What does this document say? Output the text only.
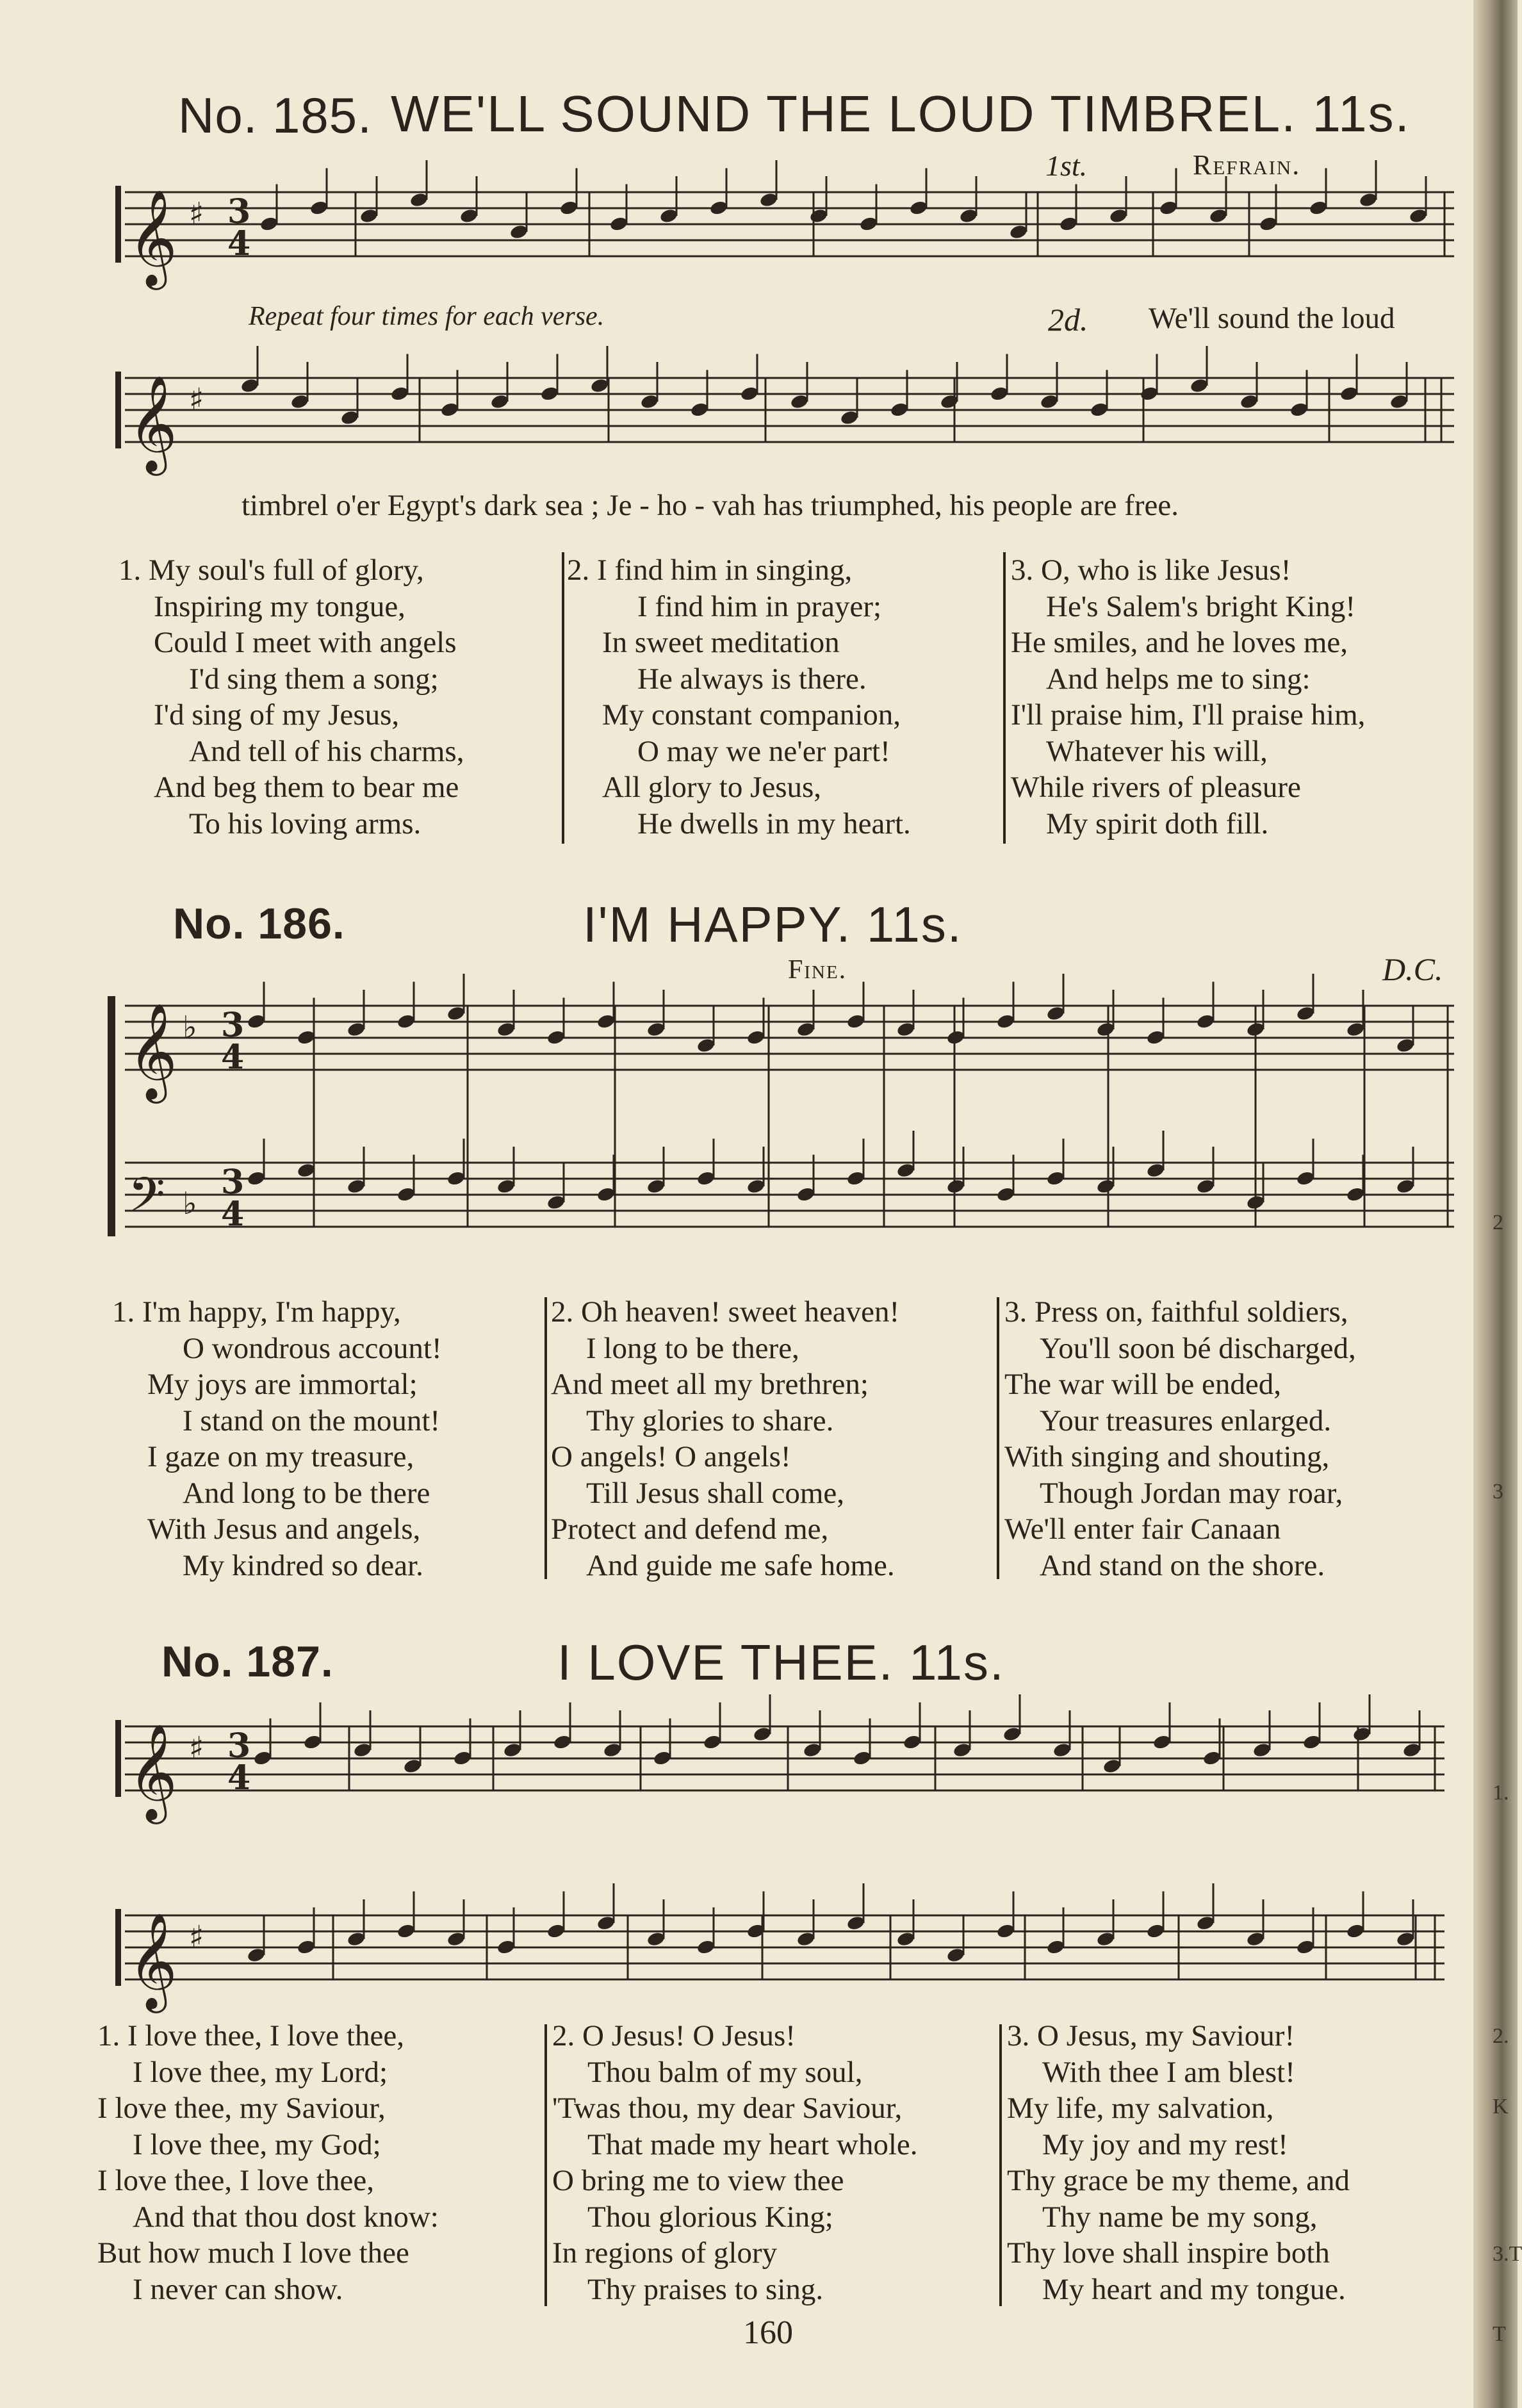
2
3
1.
2.
K
3.T
T
𝄞
𝄞
𝄞
𝄢
𝄞
𝄞
♯
♯
♭
♭
♯
♯
3
4
3
4
3
4
3
4
No. 185. WE'LL SOUND THE LOUD TIMBREL. 11s.
1st.	Refrain.
Repeat four times for each verse.	2d. We'll sound the loud
timbrel o'er Egypt's dark sea ; Je - ho - vah has triumphed, his people are free.
1. My soul's full of glory,
Inspiring my tongue,
Could I meet with angels
I'd sing them a song;
I'd sing of my Jesus,
And tell of his charms,
And beg them to bear me
To his loving arms.
2. I find him in singing,
I find him in prayer;
In sweet meditation
He always is there.
My constant companion,
O may we ne'er part!
All glory to Jesus,
He dwells in my heart.
3. O, who is like Jesus!
He's Salem's bright King!
He smiles, and he loves me,
And helps me to sing:
I'll praise him, I'll praise him,
Whatever his will,
While rivers of pleasure
My spirit doth fill.
No. 186.	I'M HAPPY. 11s.
Fine.	D.C.
1. I'm happy, I'm happy,
O wondrous account!
My joys are immortal;
I stand on the mount!
I gaze on my treasure,
And long to be there
With Jesus and angels,
My kindred so dear.
2. Oh heaven! sweet heaven!
I long to be there,
And meet all my brethren;
Thy glories to share.
O angels! O angels!
Till Jesus shall come,
Protect and defend me,
And guide me safe home.
3. Press on, faithful soldiers,
You'll soon bé discharged,
The war will be ended,
Your treasures enlarged.
With singing and shouting,
Though Jordan may roar,
We'll enter fair Canaan
And stand on the shore.
No. 187.	I LOVE THEE. 11s.
1. I love thee, I love thee,
I love thee, my Lord;
I love thee, my Saviour,
I love thee, my God;
I love thee, I love thee,
And that thou dost know:
But how much I love thee
I never can show.
2. O Jesus! O Jesus!
Thou balm of my soul,
'Twas thou, my dear Saviour,
That made my heart whole.
O bring me to view thee
Thou glorious King;
In regions of glory
Thy praises to sing.
3. O Jesus, my Saviour!
With thee I am blest!
My life, my salvation,
My joy and my rest!
Thy grace be my theme, and
Thy name be my song,
Thy love shall inspire both
My heart and my tongue.
160
